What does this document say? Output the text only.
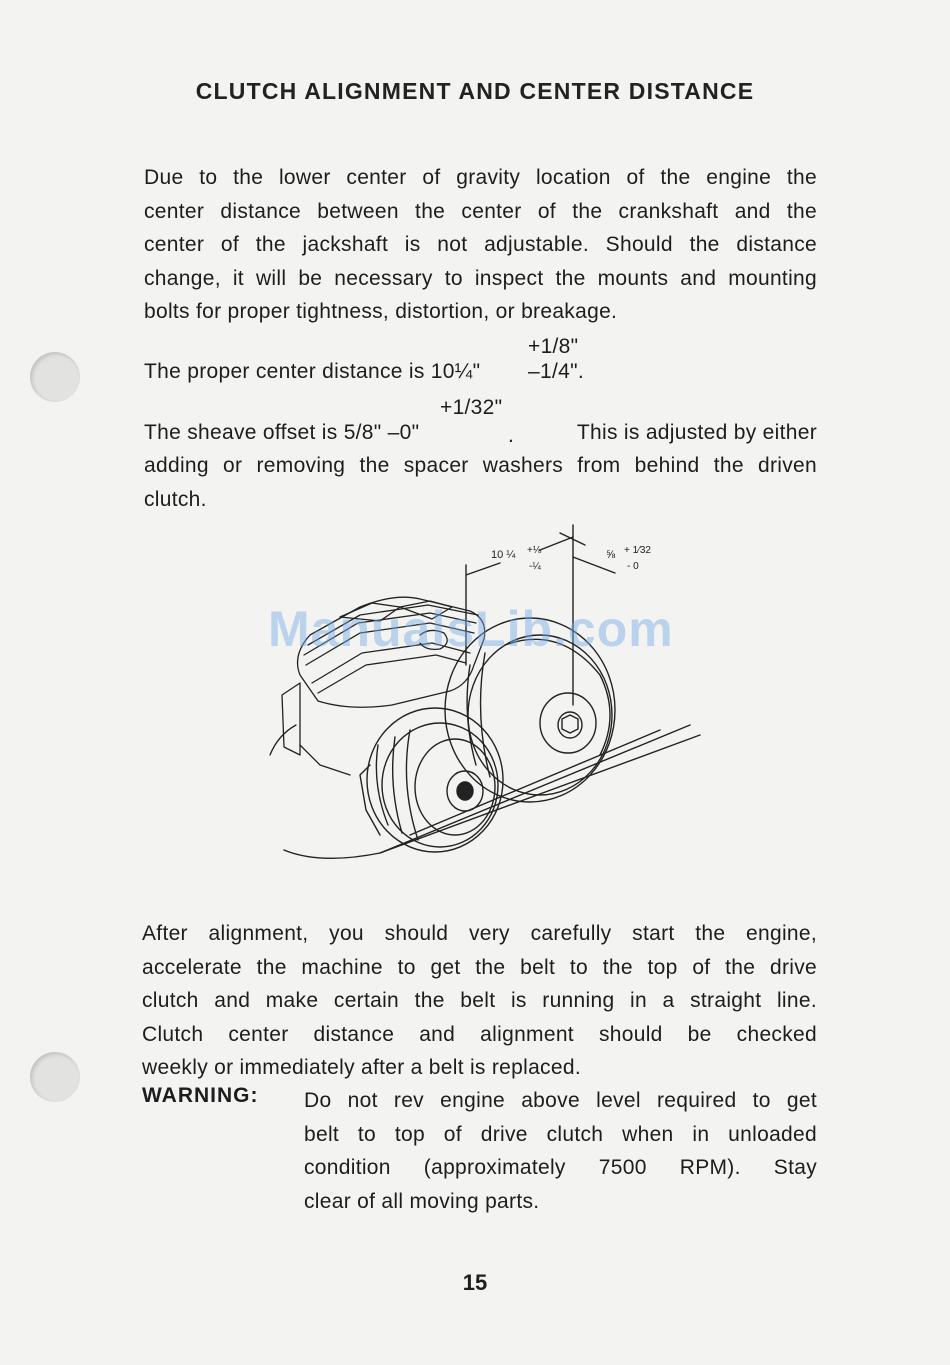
CLUTCH ALIGNMENT AND CENTER DISTANCE
Due to the lower center of gravity location of the engine the
center distance between the center of the crankshaft and the
center of the jackshaft is not adjustable. Should the distance
change, it will be necessary to inspect the mounts and mounting
bolts for proper tightness, distortion, or breakage.
+1/8"
The proper center distance is 10¼" –1/4".
+1/32"
The sheave offset is 5/8" –0"	.	This is adjusted by either
adding or removing the spacer washers from behind the driven
clutch.
10 ¼ +⅛
-¼
⅝ + 1⁄32
- 0
ManualsLib.com
After alignment, you should very carefully start the engine,
accelerate the machine to get the belt to the top of the drive
clutch and make certain the belt is running in a straight line.
Clutch center distance and alignment should be checked
weekly or immediately after a belt is replaced.
WARNING: Do not rev engine above level required to get
belt to top of drive clutch when in unloaded
condition (approximately 7500 RPM). Stay
clear of all moving parts.
15
